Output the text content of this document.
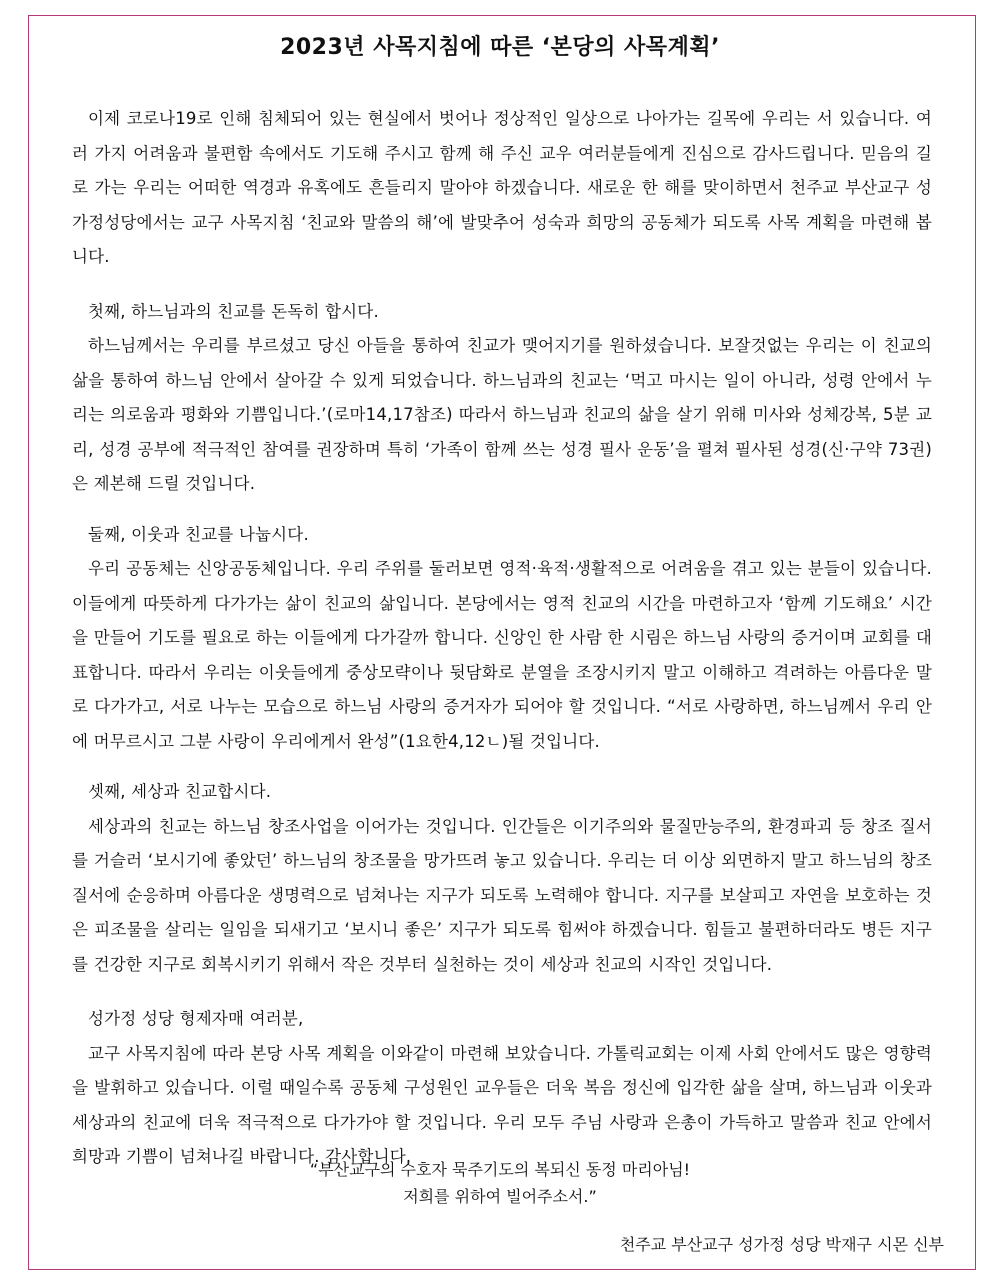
2023년 사목지침에 따른 ‘본당의 사목계획’

이제 코로나19로 인해 침체되어 있는 현실에서 벗어나 정상적인 일상으로 나아가는 길목에 우리는 서 있습니다. 여러 가지 어려움과 불편함 속에서도 기도해 주시고 함께 해 주신 교우 여러분들에게 진심으로 감사드립니다. 믿음의 길로 가는 우리는 어떠한 역경과 유혹에도 흔들리지 말아야 하겠습니다. 새로운 한 해를 맞이하면서 천주교 부산교구 성가정성당에서는 교구 사목지침 ‘친교와 말씀의 해’에 발맞추어 성숙과 희망의 공동체가 되도록 사목 계획을 마련해 봅니다.

첫째, 하느님과의 친교를 돈독히 합시다.

하느님께서는 우리를 부르셨고 당신 아들을 통하여 친교가 맺어지기를 원하셨습니다. 보잘것없는 우리는 이 친교의 삶을 통하여 하느님 안에서 살아갈 수 있게 되었습니다. 하느님과의 친교는 ‘먹고 마시는 일이 아니라, 성령 안에서 누리는 의로움과 평화와 기쁨입니다.’(로마14,17참조) 따라서 하느님과 친교의 삶을 살기 위해 미사와 성체강복, 5분 교리, 성경 공부에 적극적인 참여를 권장하며 특히 ‘가족이 함께 쓰는 성경 필사 운동’을 펼쳐 필사된 성경(신·구약 73권)은 제본해 드릴 것입니다.

둘째, 이웃과 친교를 나눕시다.

우리 공동체는 신앙공동체입니다. 우리 주위를 둘러보면 영적·육적·생활적으로 어려움을 겪고 있는 분들이 있습니다. 이들에게 따뜻하게 다가가는 삶이 친교의 삶입니다. 본당에서는 영적 친교의 시간을 마련하고자 ‘함께 기도해요’ 시간을 만들어 기도를 필요로 하는 이들에게 다가갈까 합니다. 신앙인 한 사람 한 시림은 하느님 사랑의 증거이며 교회를 대표합니다. 따라서 우리는 이웃들에게 중상모략이나 뒷담화로 분열을 조장시키지 말고 이해하고 격려하는 아름다운 말로 다가가고, 서로 나누는 모습으로 하느님 사랑의 증거자가 되어야 할 것입니다. “서로 사랑하면, 하느님께서 우리 안에 머무르시고 그분 사랑이 우리에게서 완성”(1요한4,12ㄴ)될 것입니다.

셋째, 세상과 친교합시다.

세상과의 친교는 하느님 창조사업을 이어가는 것입니다. 인간들은 이기주의와 물질만능주의, 환경파괴 등 창조 질서를 거슬러 ‘보시기에 좋았던’ 하느님의 창조물을 망가뜨려 놓고 있습니다. 우리는 더 이상 외면하지 말고 하느님의 창조 질서에 순응하며 아름다운 생명력으로 넘쳐나는 지구가 되도록 노력해야 합니다. 지구를 보살피고 자연을 보호하는 것은 피조물을 살리는 일임을 되새기고 ‘보시니 좋은’ 지구가 되도록 힘써야 하겠습니다. 힘들고 불편하더라도 병든 지구를 건강한 지구로 회복시키기 위해서 작은 것부터 실천하는 것이 세상과 친교의 시작인 것입니다.

성가정 성당 형제자매 여러분,

교구 사목지침에 따라 본당 사목 계획을 이와같이 마련해 보았습니다. 가톨릭교회는 이제 사회 안에서도 많은 영향력을 발휘하고 있습니다. 이럴 때일수록 공동체 구성원인 교우들은 더욱 복음 정신에 입각한 삶을 살며, 하느님과 이웃과 세상과의 친교에 더욱 적극적으로 다가가야 할 것입니다. 우리 모두 주님 사랑과 은총이 가득하고 말씀과 친교 안에서 희망과 기쁨이 넘쳐나길 바랍니다. 감사합니다.

“부산교구의 수호자 묵주기도의 복되신 동정 마리아님!
저희를 위하여 빌어주소서.”
천주교 부산교구 성가정 성당 박재구 시몬 신부
